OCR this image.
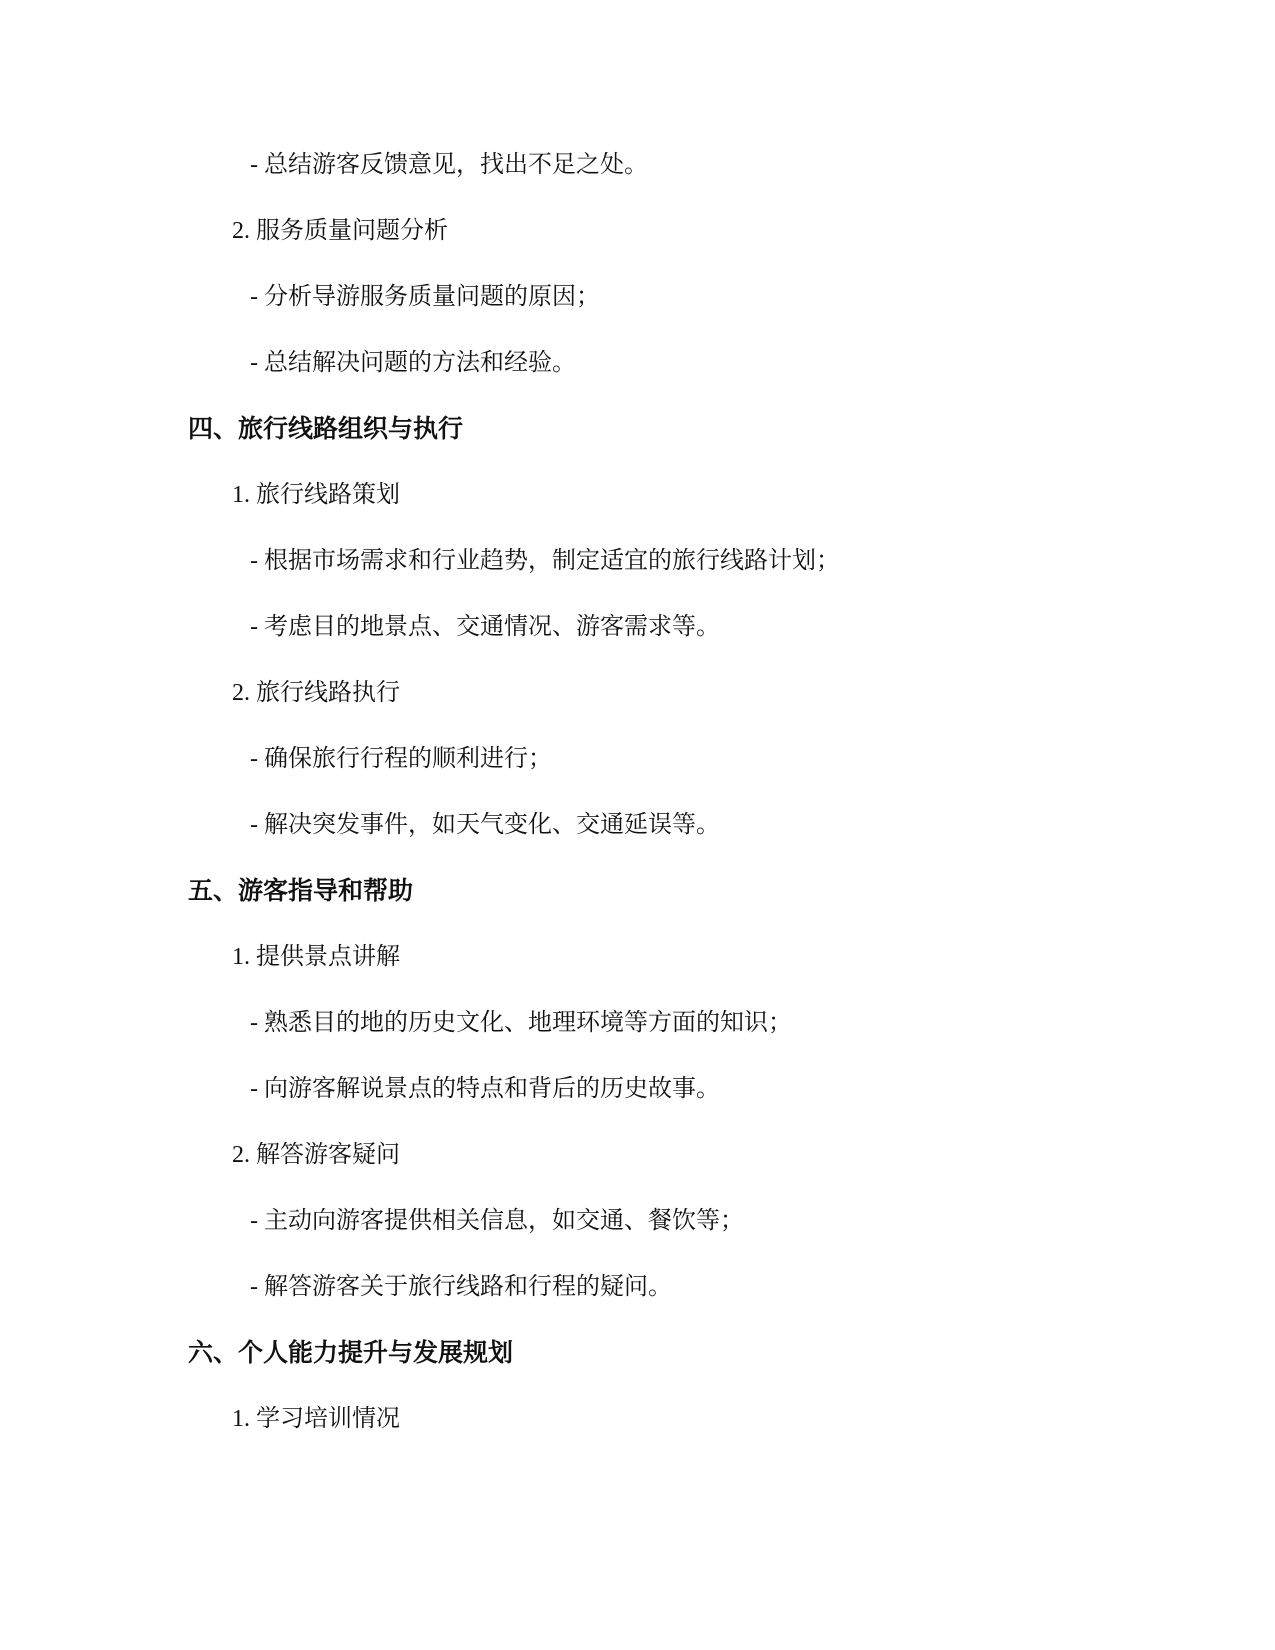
- 总结游客反馈意见，找出不足之处。
2. 服务质量问题分析
- 分析导游服务质量问题的原因；
- 总结解决问题的方法和经验。
四、旅行线路组织与执行
1. 旅行线路策划
- 根据市场需求和行业趋势，制定适宜的旅行线路计划；
- 考虑目的地景点、交通情况、游客需求等。
2. 旅行线路执行
- 确保旅行行程的顺利进行；
- 解决突发事件，如天气变化、交通延误等。
五、游客指导和帮助
1. 提供景点讲解
- 熟悉目的地的历史文化、地理环境等方面的知识；
- 向游客解说景点的特点和背后的历史故事。
2. 解答游客疑问
- 主动向游客提供相关信息，如交通、餐饮等；
- 解答游客关于旅行线路和行程的疑问。
六、个人能力提升与发展规划
1. 学习培训情况
